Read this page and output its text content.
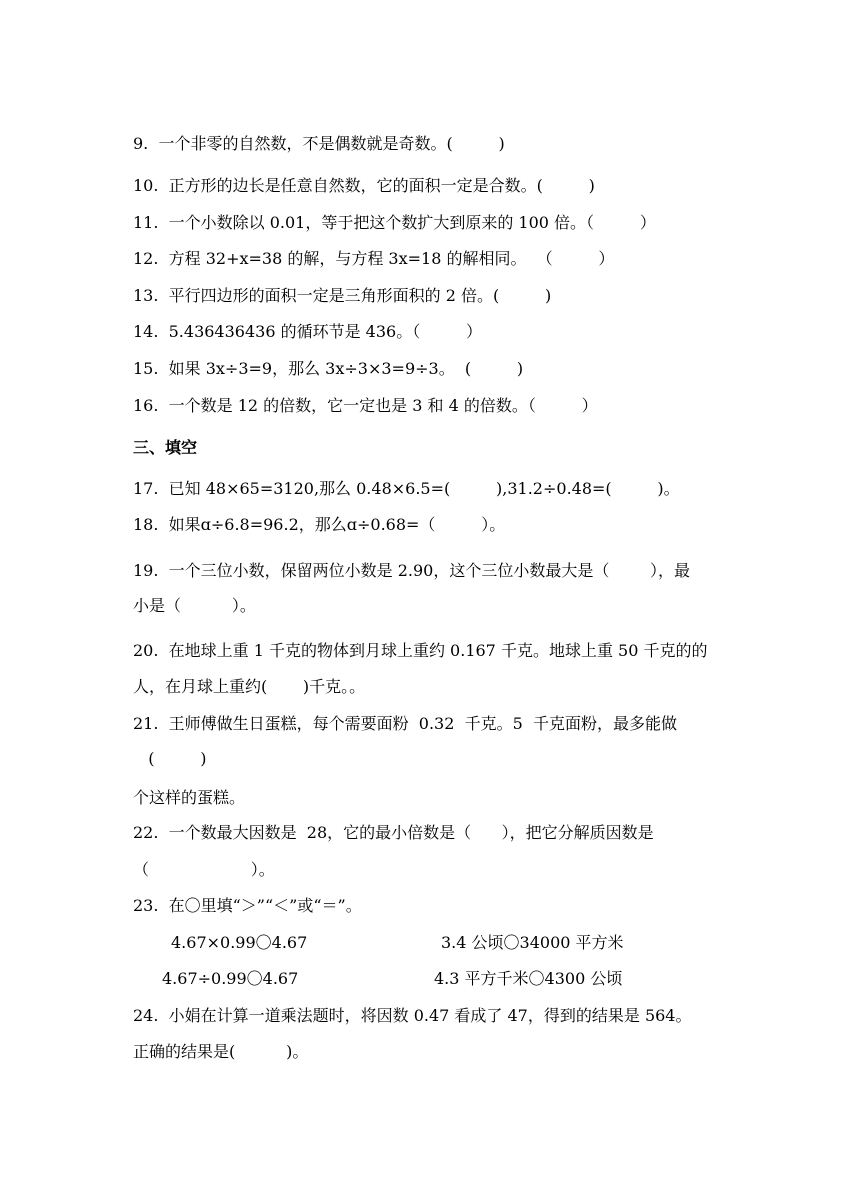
9.  一个非零的自然数，不是偶数就是奇数。(         )
10.  正方形的边长是任意自然数，它的面积一定是合数。(         )
11.  一个小数除以 0.01，等于把这个数扩大到原来的 100 倍。（         ）
12.  方程 32+x=38 的解，与方程 3x=18 的解相同。  （         ）
13.  平行四边形的面积一定是三角形面积的 2 倍。(         )
14.  5.436436436 的循环节是 436。（         ）
15.  如果 3x÷3=9，那么 3x÷3×3=9÷3。  (         )
16.  一个数是 12 的倍数，它一定也是 3 和 4 的倍数。（         ）
三、填空
17.  已知 48×65=3120,那么 0.48×6.5=(         ),31.2÷0.48=(         )。
18.  如果ɑ÷6.8=96.2，那么ɑ÷0.68=（         ）。
19.  一个三位小数，保留两位小数是 2.90，这个三位小数最大是（        ），最
小是（          ）。
20.  在地球上重 1 千克的物体到月球上重约 0.167 千克。地球上重 50 千克的的
人，在月球上重约(       )千克。。
21.  王师傅做生日蛋糕，每个需要面粉  0.32  千克。5  千克面粉，最多能做
(         )
个这样的蛋糕。
22.  一个数最大因数是  28，它的最小倍数是（      ），把它分解质因数是
（                    ）。
23.  在〇里填“＞”“＜”或“＝”。
4.67×0.99〇4.67	3.4 公顷〇34000 平方米
4.67÷0.99〇4.67	4.3 平方千米〇4300 公顷
24.  小娟在计算一道乘法题时，将因数 0.47 看成了 47，得到的结果是 564。
正确的结果是(          )。
